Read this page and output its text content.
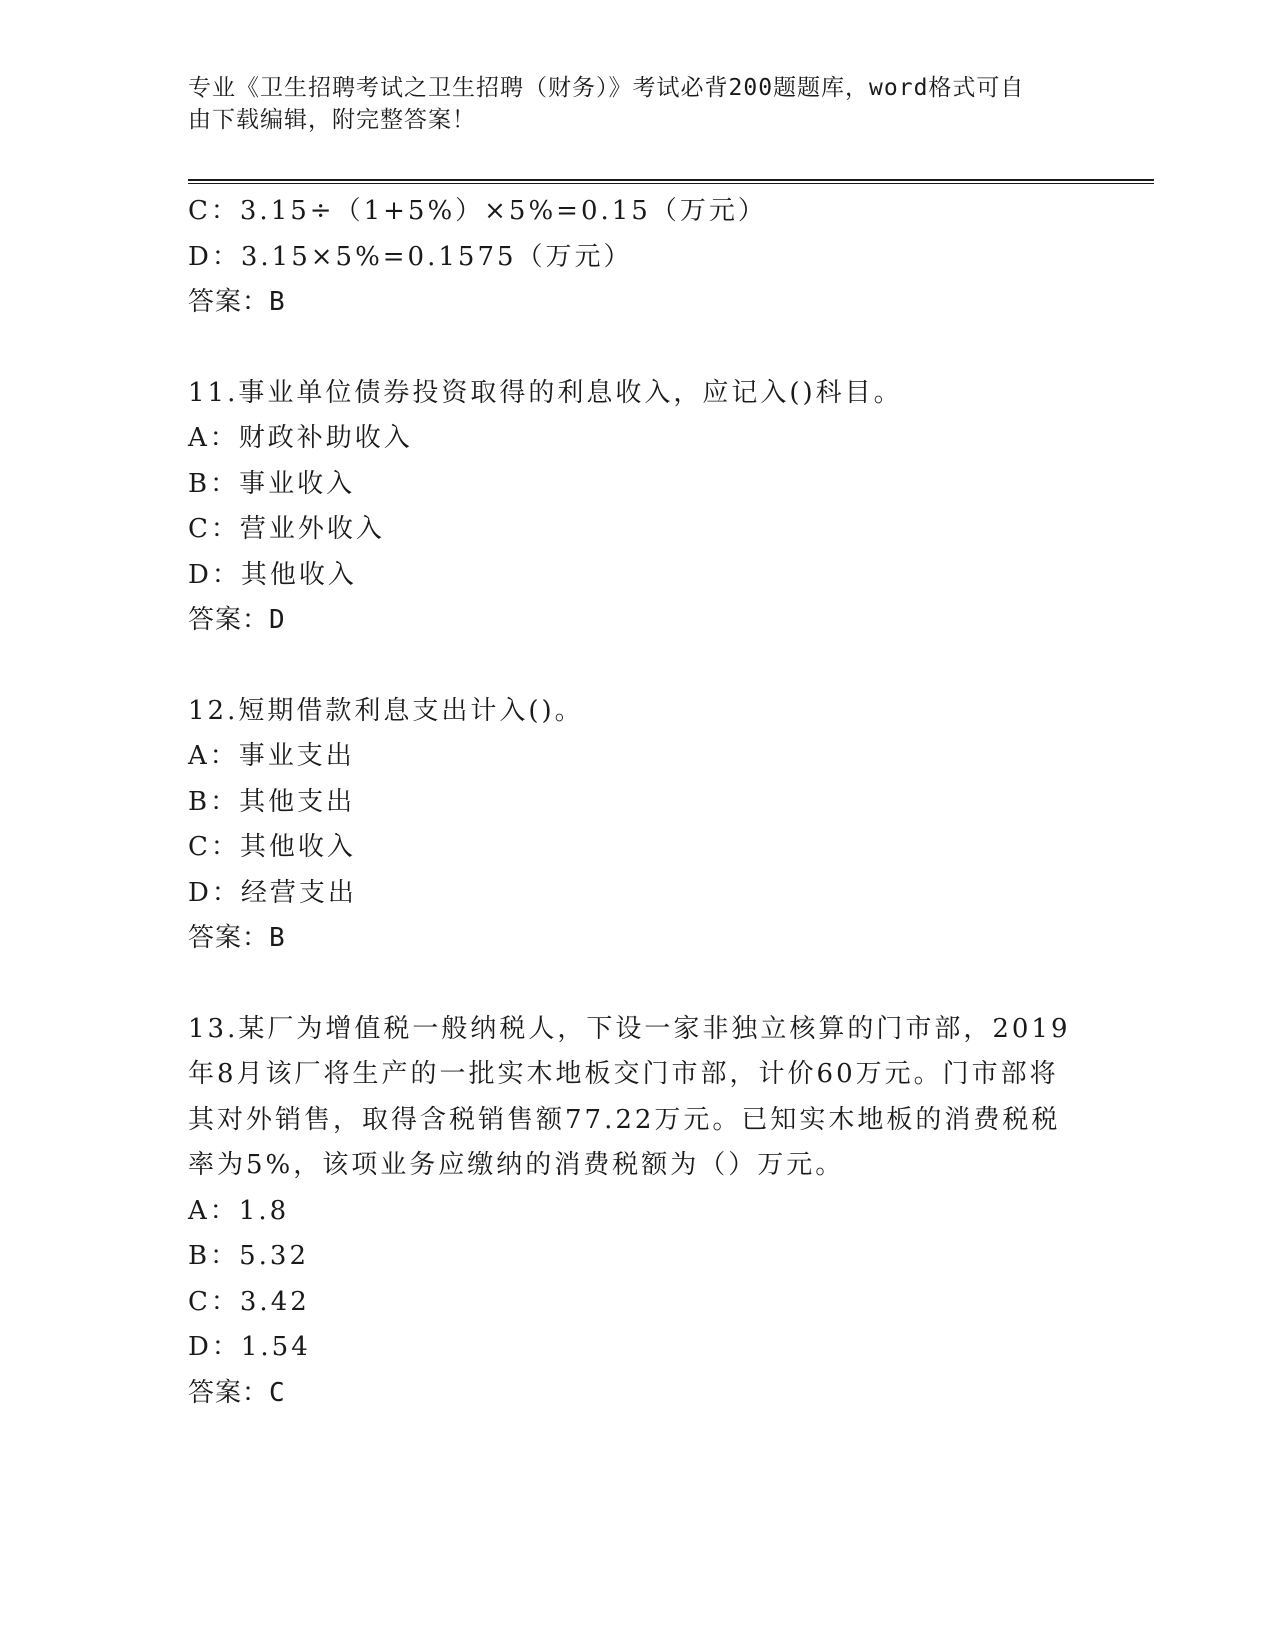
专业《卫生招聘考试之卫生招聘（财务）》考试必背200题题库，word格式可自
由下载编辑，附完整答案！
C：3.15÷（1+5%）×5%=0.15（万元）
D：3.15×5%=0.1575（万元）
答案：B
11.事业单位债券投资取得的利息收入，应记入()科目。
A：财政补助收入
B：事业收入
C：营业外收入
D：其他收入
答案：D
12.短期借款利息支出计入()。
A：事业支出
B：其他支出
C：其他收入
D：经营支出
答案：B
13.某厂为增值税一般纳税人，下设一家非独立核算的门市部，2019
年8月该厂将生产的一批实木地板交门市部，计价60万元。门市部将
其对外销售，取得含税销售额77.22万元。已知实木地板的消费税税
率为5%，该项业务应缴纳的消费税额为（）万元。
A：1.8
B：5.32
C：3.42
D：1.54
答案：C
